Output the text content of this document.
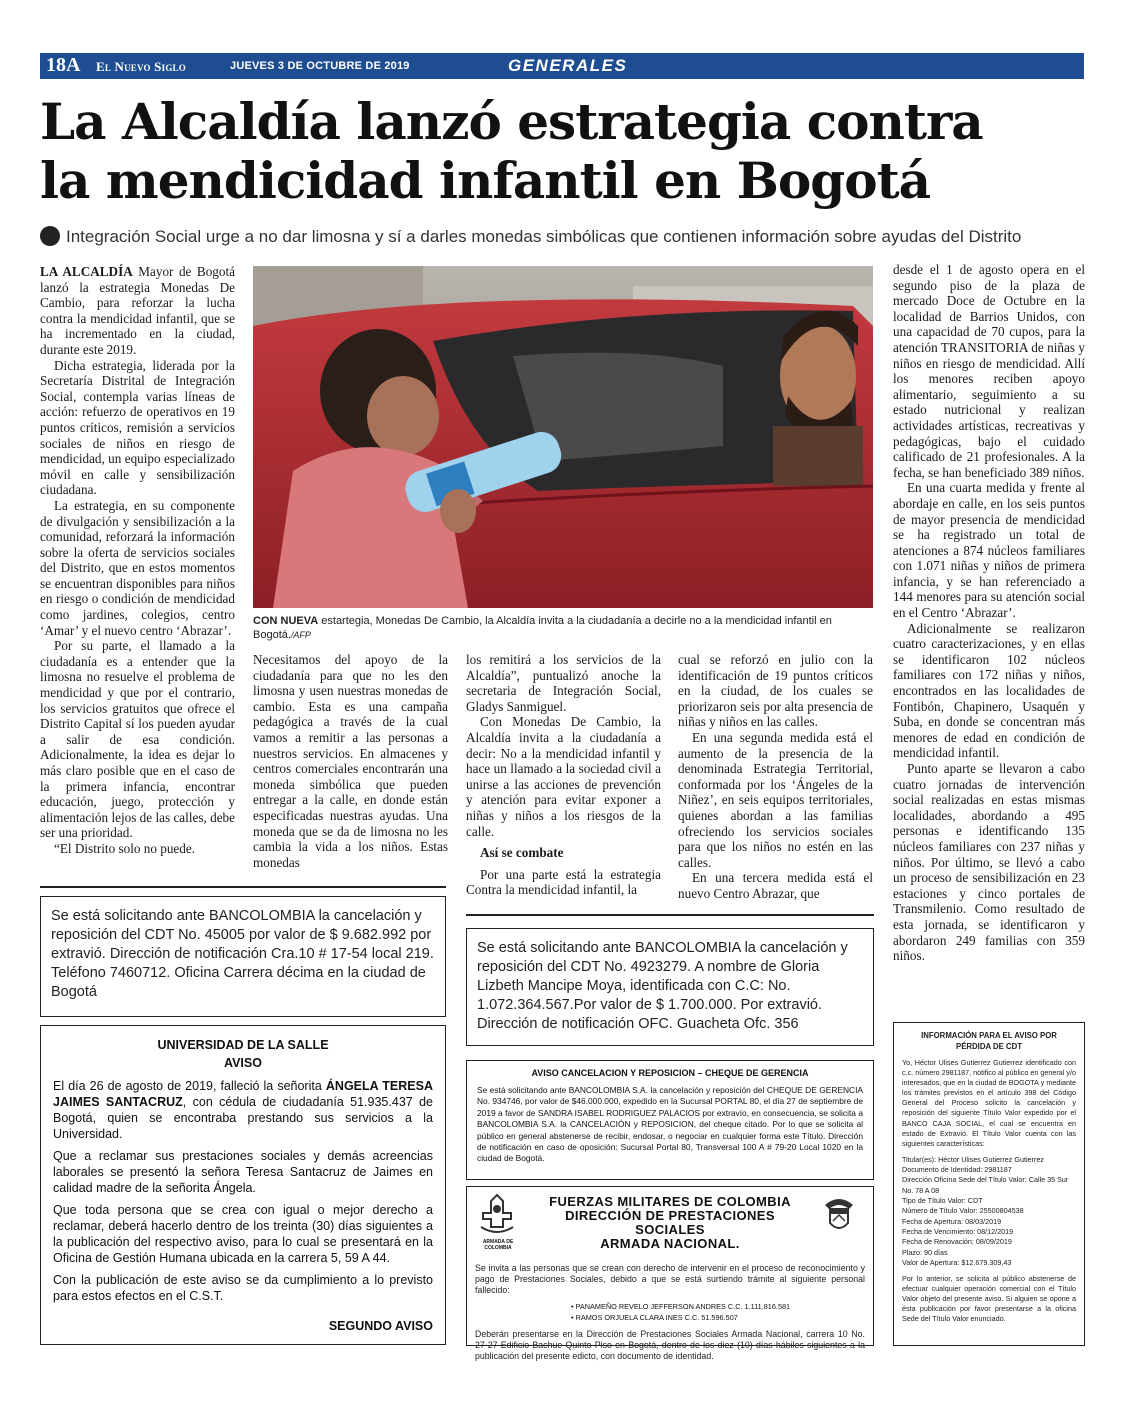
18A El Nuevo Siglo	JUEVES 3 DE OCTUBRE DE 2019	GENERALES
La Alcaldía lanzó estrategia contra
la mendicidad infantil en Bogotá
Integración Social urge a no dar limosna y sí a darles monedas simbólicas que contienen información sobre ayudas del Distrito

LA ALCALDÍA Mayor de Bogotá lanzó la estrategia Monedas De Cambio, para reforzar la lucha contra la mendicidad infantil, que se ha incrementado en la ciudad, durante este 2019.

Dicha estrategia, liderada por la Secretaría Distrital de Integración Social, contempla varias líneas de acción: refuerzo de operativos en 19 puntos críticos, remisión a servicios sociales de niños en riesgo de mendicidad, un equipo especializado móvil en calle y sensibilización ciudadana.

La estrategia, en su componente de divulgación y sensibilización a la comunidad, reforzará la información sobre la oferta de servicios sociales del Distrito, que en estos momentos se encuentran disponibles para niños en riesgo o condición de mendicidad como jardines, colegios, centro ‘Amar’ y el nuevo centro ‘Abrazar’.

Por su parte, el llamado a la ciudadanía es a entender que la limosna no resuelve el problema de mendicidad y que por el contrario, los servicios gratuitos que ofrece el Distrito Capital sí los pueden ayudar a salir de esa condición. Adicionalmente, la idea es dejar lo más claro posible que en el caso de la primera infancia, encontrar educación, juego, protección y alimentación lejos de las calles, debe ser una prioridad.

“El Distrito solo no puede.

CON NUEVA estartegia, Monedas De Cambio, la Alcaldía invita a la ciudadanía a decirle no a la mendicidad infantil en Bogotá./AFP

Necesitamos del apoyo de la ciudadanía para que no les den limosna y usen nuestras monedas de cambio. Esta es una campaña pedagógica a través de la cual vamos a remitir a las personas a nuestros servicios. En almacenes y centros comerciales encontrarán una moneda simbólica que pueden entregar a la calle, en donde están especificadas nuestras ayudas. Una moneda que se da de limosna no les cambia la vida a los niños. Estas monedas

los remitirá a los servicios de la Alcaldía”, puntualizó anoche la secretaria de Integración Social, Gladys Sanmiguel.

Con Monedas De Cambio, la Alcaldía invita a la ciudadanía a decir: No a la mendicidad infantil y hace un llamado a la sociedad civil a unirse a las acciones de prevención y atención para evitar exponer a niñas y niños a los riesgos de la calle.

Así se combate

Por una parte está la estrategia Contra la mendicidad infantil, la

cual se reforzó en julio con la identificación de 19 puntos críticos en la ciudad, de los cuales se priorizaron seis por alta presencia de niñas y niños en las calles.

En una segunda medida está el aumento de la presencia de la denominada Estrategia Territorial, conformada por los ‘Ángeles de la Niñez’, en seis equipos territoriales, quienes abordan a las familias ofreciendo los servicios sociales para que los niños no estén en las calles.

En una tercera medida está el nuevo Centro Abrazar, que

desde el 1 de agosto opera en el segundo piso de la plaza de mercado Doce de Octubre en la localidad de Barrios Unidos, con una capacidad de 70 cupos, para la atención TRANSITORIA de niñas y niños en riesgo de mendicidad. Allí los menores reciben apoyo alimentario, seguimiento a su estado nutricional y realizan actividades artísticas, recreativas y pedagógicas, bajo el cuidado calificado de 21 profesionales. A la fecha, se han beneficiado 389 niños.

En una cuarta medida y frente al abordaje en calle, en los seis puntos de mayor presencia de mendicidad se ha registrado un total de atenciones a 874 núcleos familiares con 1.071 niñas y niños de primera infancia, y se han referenciado a 144 menores para su atención social en el Centro ‘Abrazar’.

Adicionalmente se realizaron cuatro caracterizaciones, y en ellas se identificaron 102 núcleos familiares con 172 niñas y niños, encontrados en las localidades de Fontibón, Chapinero, Usaquén y Suba, en donde se concentran más menores de edad en condición de mendicidad infantil.

Punto aparte se llevaron a cabo cuatro jornadas de intervención social realizadas en estas mismas localidades, abordando a 495 personas e identificando 135 núcleos familiares con 237 niñas y niños. Por último, se llevó a cabo un proceso de sensibilización en 23 estaciones y cinco portales de Transmilenio. Como resultado de esta jornada, se identificaron y abordaron 249 familias con 359 niños.

Se está solicitando ante BANCOLOMBIA la cancelación y reposición del CDT No. 45005 por valor de $ 9.682.992 por extravió. Dirección de notificación Cra.10 # 17-54 local 219. Teléfono 7460712. Oficina Carrera décima en la ciudad de Bogotá
Se está solicitando ante BANCOLOMBIA la cancelación y reposición del CDT No. 4923279. A nombre de Gloria Lizbeth Mancipe Moya, identificada con C.C: No. 1.072.364.567.Por valor de $ 1.700.000. Por extravió. Dirección de notificación OFC. Guacheta Ofc. 356
UNIVERSIDAD DE LA SALLE
AVISO

El día 26 de agosto de 2019, falleció la señorita ÁNGELA TERESA JAIMES SANTACRUZ, con cédula de ciudadanía 51.935.437 de Bogotá, quien se encontraba prestando sus servicios a la Universidad.

Que a reclamar sus prestaciones sociales y demás acreencias laborales se presentó la señora Teresa Santacruz de Jaimes en calidad madre de la señorita Ángela.

Que toda persona que se crea con igual o mejor derecho a reclamar, deberá hacerlo dentro de los treinta (30) días siguientes a la publicación del respectivo aviso, para lo cual se presentará en la Oficina de Gestión Humana ubicada en la carrera 5, 59 A 44.

Con la publicación de este aviso se da cumplimiento a lo previsto para estos efectos en el C.S.T.

SEGUNDO AVISO
AVISO CANCELACION Y REPOSICION – CHEQUE DE GERENCIA
Se está solicitando ante BANCOLOMBIA S.A. la cancelación y reposición del CHEQUE DE GERENCIA No. 934746, por valor de $46.000.000, expedido en la Sucursal PORTAL 80, el día 27 de septiembre de 2019 a favor de SANDRA ISABEL RODRIGUEZ PALACIOS por extravío, en consecuencia, se solicita a BANCOLOMBIA S.A. la CANCELACIÓN y REPOSICION, del cheque citado. Por lo que se solicita al público en general abstenerse de recibir, endosar, o negociar en cualquier forma este Título. Dirección de notificación en caso de oposición: Sucursal Portal 80, Transversal 100 A # 79-20 Local 1020 en la ciudad de Bogotá.
ARMADA DE COLOMBIA
FUERZAS MILITARES DE COLOMBIA
DIRECCIÓN DE PRESTACIONES SOCIALES
ARMADA NACIONAL.
Se invita a las personas que se crean con derecho de intervenir en el proceso de reconocimiento y pago de Prestaciones Sociales, debido a que se está surtiendo trámite al siguiente personal fallecido:
• PANAMEÑO REVELO JEFFERSON ANDRES C.C. 1.111.816.581
• RAMOS ORJUELA CLARA INES C.C. 51.596.507
Deberán presentarse en la Dirección de Prestaciones Sociales Armada Nacional, carrera 10 No. 27-27 Edificio Bachue Quinto Piso en Bogotá, dentro de los diez (10) días hábiles siguientes a la publicación del presente edicto, con documento de identidad.
INFORMACIÓN PARA EL AVISO POR
PÉRDIDA DE CDT
Yo, Héctor Ulises Gutierrez Gutierrez identificado con c.c. número 2981187, notifico al público en general y/o interesados, que en la ciudad de BOGOTA y mediante los trámites previstos en el artículo 398 del Código General del Proceso solicito la cancelación y reposición del siguiente Título Valor expedido por el BANCO CAJA SOCIAL, el cual se encuentra en estado de Extravió. El Título Valor cuenta con las siguientes características:
Titular(es): Héctor Ulises Gutierrez Gutierrez
Documento de Identidad: 2981187
Dirección Oficina Sede del Título Valor: Calle 35 Sur No. 78 A 08
Tipo de Título Valor: CDT
Número de Título Valor: 25500804538
Fecha de Apertura: 08/03/2019
Fecha de Vencimiento: 08/12/2019
Fecha de Renovación: 08/09/2019
Plazo: 90 días
Valor de Apertura: $12.679.309,43
Por lo anterior, se solicita al público abstenerse de efectuar cualquier operación comercial con el Título Valor objeto del presente aviso. Si alguien se opone a ésta publicación por favor presentarse a la oficina Sede del Título Valor enunciado.
